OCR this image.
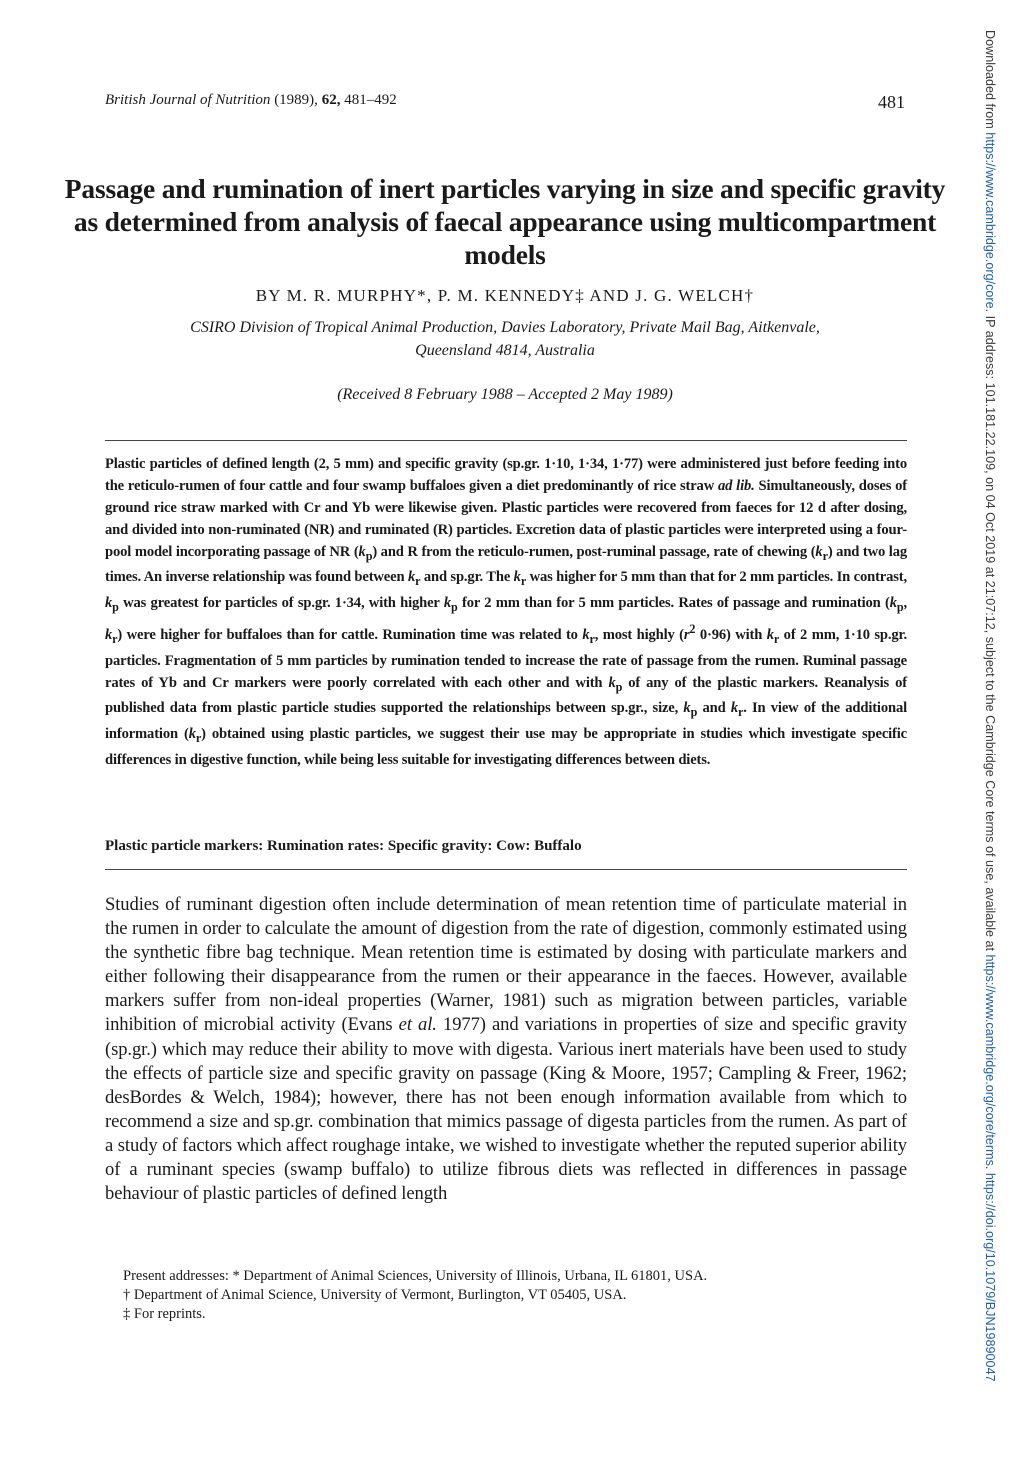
British Journal of Nutrition (1989), 62, 481–492	481
Passage and rumination of inert particles varying in size and specific gravity as determined from analysis of faecal appearance using multicompartment models
BY M. R. MURPHY*, P. M. KENNEDY‡ AND J. G. WELCH†
CSIRO Division of Tropical Animal Production, Davies Laboratory, Private Mail Bag, Aitkenvale,
Queensland 4814, Australia
(Received 8 February 1988 – Accepted 2 May 1989)
Plastic particles of defined length (2, 5 mm) and specific gravity (sp.gr. 1·10, 1·34, 1·77) were administered just before feeding into the reticulo-rumen of four cattle and four swamp buffaloes given a diet predominantly of rice straw ad lib. Simultaneously, doses of ground rice straw marked with Cr and Yb were likewise given. Plastic particles were recovered from faeces for 12 d after dosing, and divided into non-ruminated (NR) and ruminated (R) particles. Excretion data of plastic particles were interpreted using a four-pool model incorporating passage of NR $(k_p)$ and R from the reticulo-rumen, post-ruminal passage, rate of chewing $(k_r)$ and two lag times. An inverse relationship was found between $k_r$ and sp.gr. The $k_r$ was higher for 5 mm than that for 2 mm particles. In contrast, $k_p$ was greatest for particles of sp.gr. 1·34, with higher $k_p$ for 2 mm than for 5 mm particles. Rates of passage and rumination ($k_p$, $k_r$) were higher for buffaloes than for cattle. Rumination time was related to $k_r$, most highly ($r^2$ 0·96) with $k_r$ of 2 mm, 1·10 sp.gr. particles. Fragmentation of 5 mm particles by rumination tended to increase the rate of passage from the rumen. Ruminal passage rates of Yb and Cr markers were poorly correlated with each other and with $k_p$ of any of the plastic markers. Reanalysis of published data from plastic particle studies supported the relationships between sp.gr., size, $k_p$ and $k_r$. In view of the additional information $(k_r)$ obtained using plastic particles, we suggest their use may be appropriate in studies which investigate specific differences in digestive function, while being less suitable for investigating differences between diets.
Plastic particle markers: Rumination rates: Specific gravity: Cow: Buffalo
Studies of ruminant digestion often include determination of mean retention time of particulate material in the rumen in order to calculate the amount of digestion from the rate of digestion, commonly estimated using the synthetic fibre bag technique. Mean retention time is estimated by dosing with particulate markers and either following their disappearance from the rumen or their appearance in the faeces. However, available markers suffer from non-ideal properties (Warner, 1981) such as migration between particles, variable inhibition of microbial activity (Evans et al. 1977) and variations in properties of size and specific gravity (sp.gr.) which may reduce their ability to move with digesta. Various inert materials have been used to study the effects of particle size and specific gravity on passage (King & Moore, 1957; Campling & Freer, 1962; desBordes & Welch, 1984); however, there has not been enough information available from which to recommend a size and sp.gr. combination that mimics passage of digesta particles from the rumen. As part of a study of factors which affect roughage intake, we wished to investigate whether the reputed superior ability of a ruminant species (swamp buffalo) to utilize fibrous diets was reflected in differences in passage behaviour of plastic particles of defined length
Present addresses: * Department of Animal Sciences, University of Illinois, Urbana, IL 61801, USA.
† Department of Animal Science, University of Vermont, Burlington, VT 05405, USA.
‡ For reprints.
Downloaded from https://www.cambridge.org/core. IP address: 101.181.22.109, on 04 Oct 2019 at 21:07:12, subject to the Cambridge Core terms of use, available at https://www.cambridge.org/core/terms. https://doi.org/10.1079/BJN19890047
